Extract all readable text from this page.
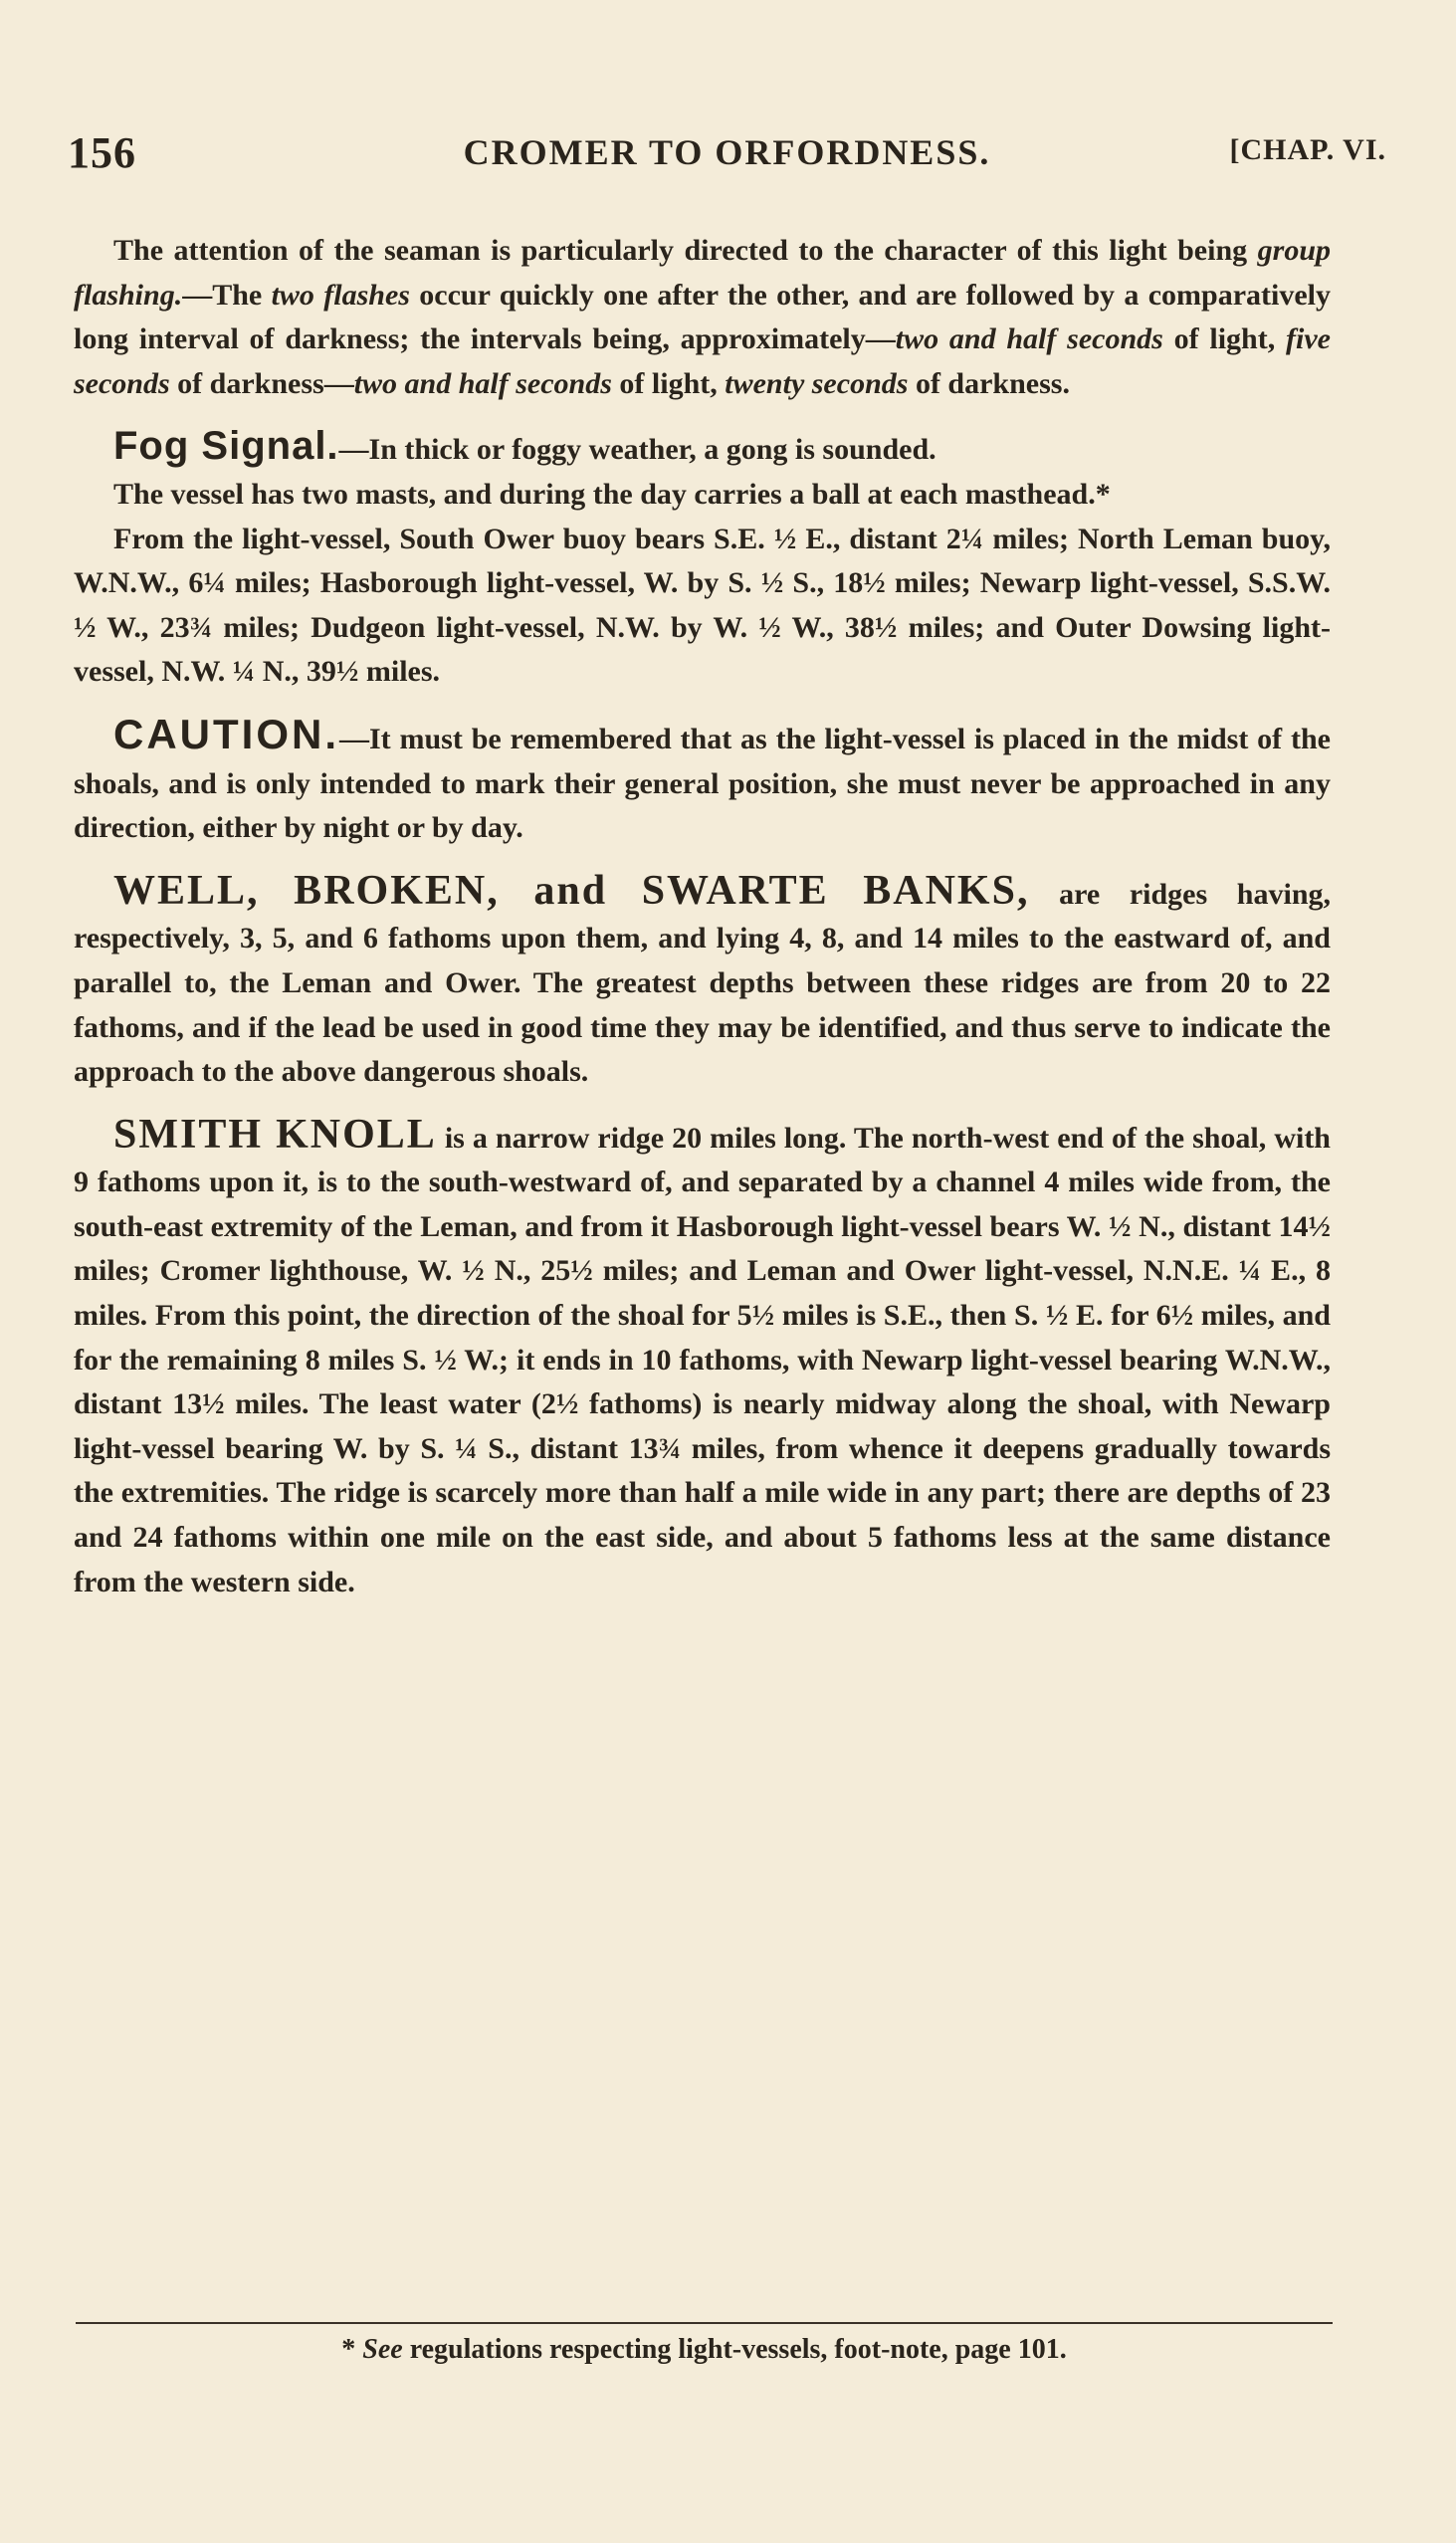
156	CROMER TO ORFORDNESS.	[CHAP. VI.

The attention of the seaman is particularly directed to the character of this light being group flashing.—The two flashes occur quickly one after the other, and are followed by a comparatively long interval of darkness; the intervals being, approximately—two and half seconds of light, five seconds of darkness—two and half seconds of light, twenty seconds of darkness.

Fog Signal.—In thick or foggy weather, a gong is sounded.

The vessel has two masts, and during the day carries a ball at each masthead.*

From the light-vessel, South Ower buoy bears S.E. ½ E., distant 2¼ miles; North Leman buoy, W.N.W., 6¼ miles; Hasborough light-vessel, W. by S. ½ S., 18½ miles; Newarp light-vessel, S.S.W. ½ W., 23¾ miles; Dudgeon light-vessel, N.W. by W. ½ W., 38½ miles; and Outer Dowsing light-vessel, N.W. ¼ N., 39½ miles.

CAUTION.—It must be remembered that as the light-vessel is placed in the midst of the shoals, and is only intended to mark their general position, she must never be approached in any direction, either by night or by day.

WELL, BROKEN, and SWARTE BANKS, are ridges having, respectively, 3, 5, and 6 fathoms upon them, and lying 4, 8, and 14 miles to the eastward of, and parallel to, the Leman and Ower. The greatest depths between these ridges are from 20 to 22 fathoms, and if the lead be used in good time they may be identified, and thus serve to indicate the approach to the above dangerous shoals.

SMITH KNOLL is a narrow ridge 20 miles long. The north-west end of the shoal, with 9 fathoms upon it, is to the south-westward of, and separated by a channel 4 miles wide from, the south-east extremity of the Leman, and from it Hasborough light-vessel bears W. ½ N., distant 14½ miles; Cromer lighthouse, W. ½ N., 25½ miles; and Leman and Ower light-vessel, N.N.E. ¼ E., 8 miles. From this point, the direction of the shoal for 5½ miles is S.E., then S. ½ E. for 6½ miles, and for the remaining 8 miles S. ½ W.; it ends in 10 fathoms, with Newarp light-vessel bearing W.N.W., distant 13½ miles. The least water (2½ fathoms) is nearly midway along the shoal, with Newarp light-vessel bearing W. by S. ¼ S., distant 13¾ miles, from whence it deepens gradually towards the extremities. The ridge is scarcely more than half a mile wide in any part; there are depths of 23 and 24 fathoms within one mile on the east side, and about 5 fathoms less at the same distance from the western side.

* See regulations respecting light-vessels, foot-note, page 101.
